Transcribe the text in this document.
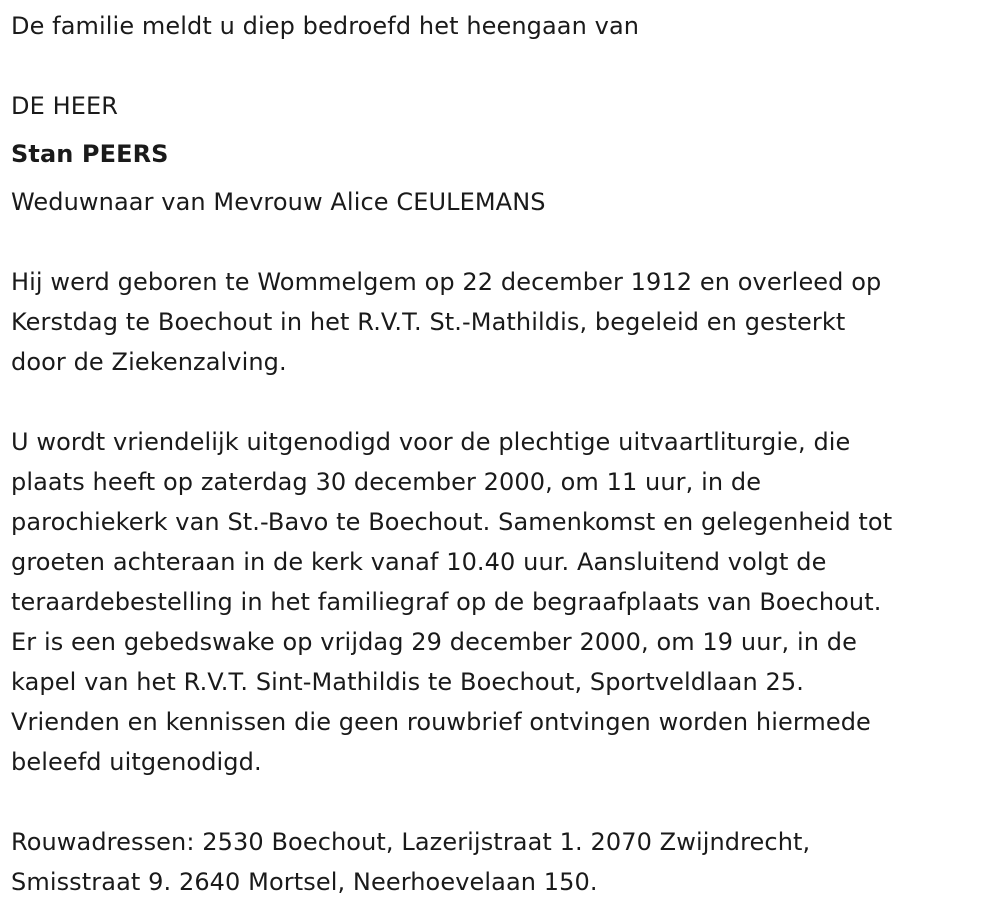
De familie meldt u diep bedroefd het heengaan van
DE HEER
Stan PEERS
Weduwnaar van Mevrouw Alice CEULEMANS
Hij werd geboren te Wommelgem op 22 december 1912 en overleed op
Kerstdag te Boechout in het R.V.T. St.-Mathildis, begeleid en gesterkt
door de Ziekenzalving.
U wordt vriendelijk uitgenodigd voor de plechtige uitvaartliturgie, die
plaats heeft op zaterdag 30 december 2000, om 11 uur, in de
parochiekerk van St.-Bavo te Boechout. Samenkomst en gelegenheid tot
groeten achteraan in de kerk vanaf 10.40 uur. Aansluitend volgt de
teraardebestelling in het familiegraf op de begraafplaats van Boechout.
Er is een gebedswake op vrijdag 29 december 2000, om 19 uur, in de
kapel van het R.V.T. Sint-Mathildis te Boechout, Sportveldlaan 25.
Vrienden en kennissen die geen rouwbrief ontvingen worden hiermede
beleefd uitgenodigd.
Rouwadressen: 2530 Boechout, Lazerijstraat 1. 2070 Zwijndrecht,
Smisstraat 9. 2640 Mortsel, Neerhoevelaan 150.
